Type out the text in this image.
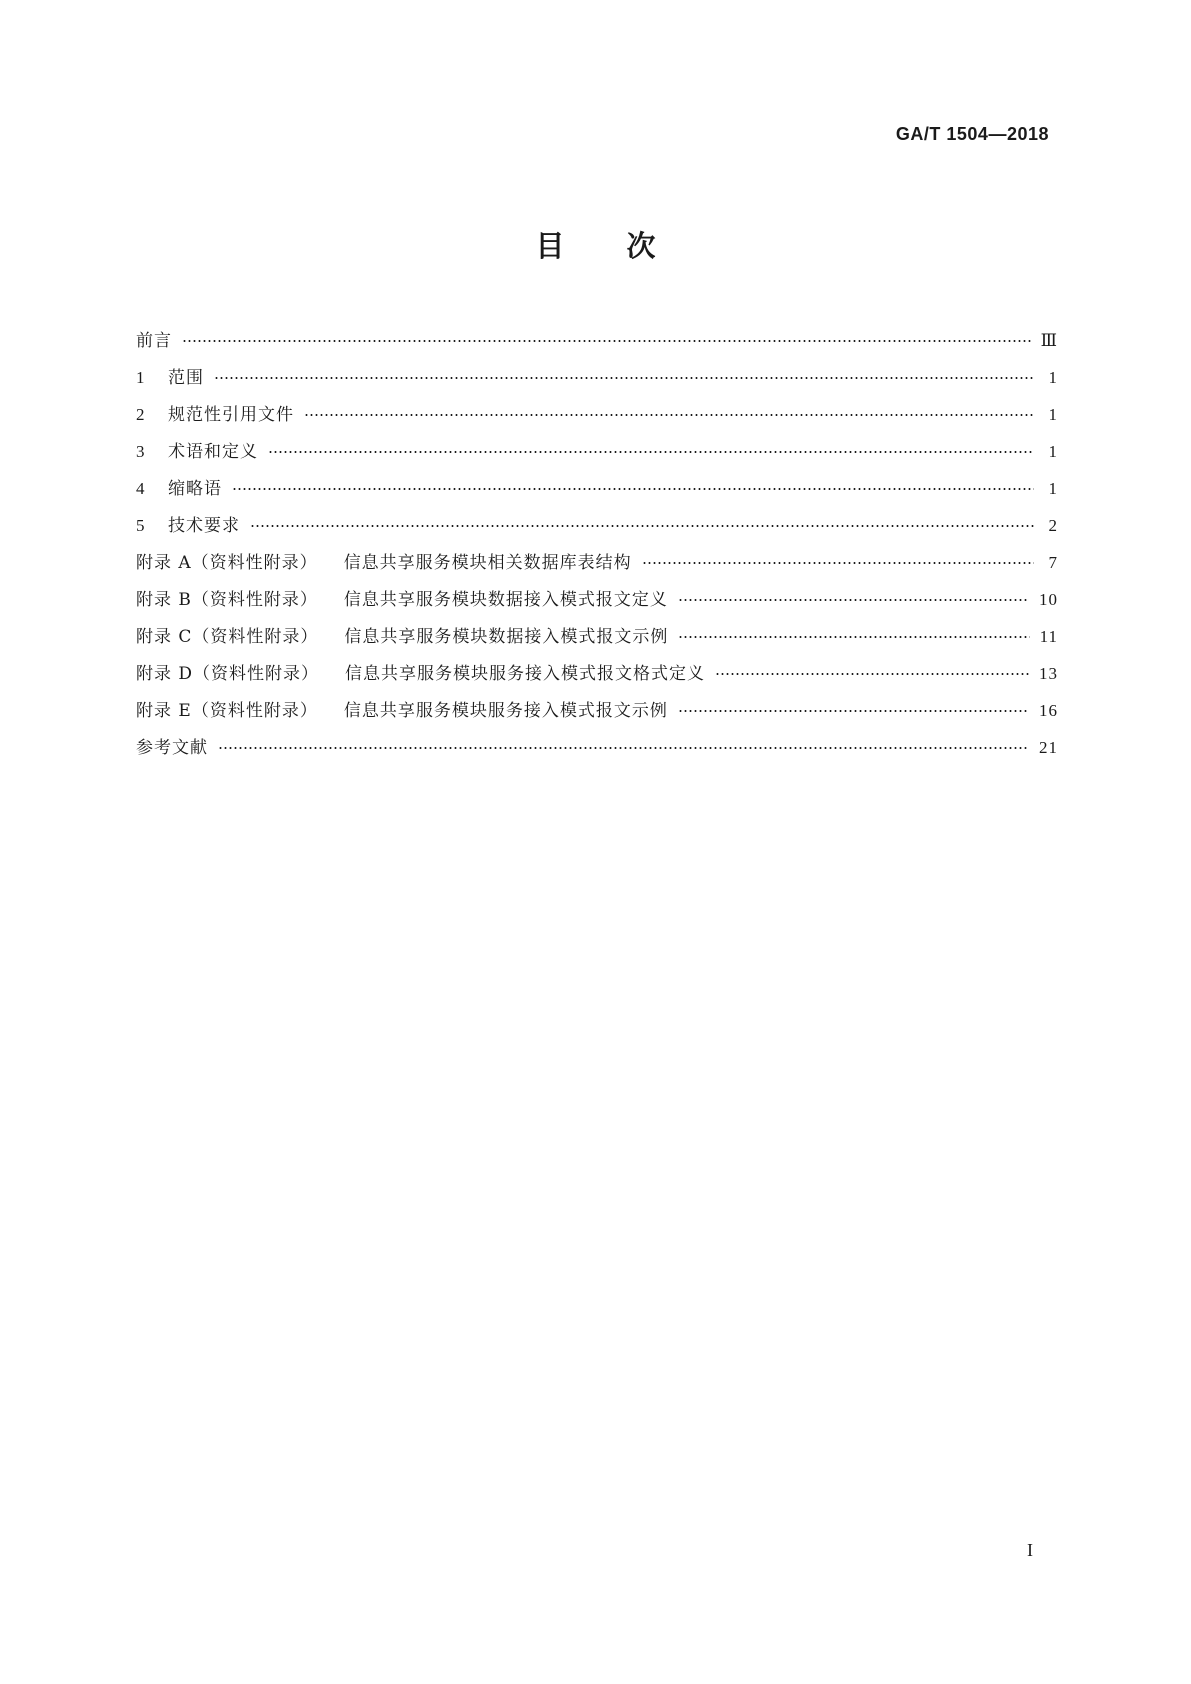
GA/T 1504—2018
目次
前言	Ⅲ
1	范围	1
2	规范性引用文件	1
3	术语和定义	1
4	缩略语	1
5	技术要求	2
附录 A（资料性附录） 信息共享服务模块相关数据库表结构	7
附录 B（资料性附录） 信息共享服务模块数据接入模式报文定义	10
附录 C（资料性附录） 信息共享服务模块数据接入模式报文示例	11
附录 D（资料性附录） 信息共享服务模块服务接入模式报文格式定义	13
附录 E（资料性附录） 信息共享服务模块服务接入模式报文示例	16
参考文献	21
I
